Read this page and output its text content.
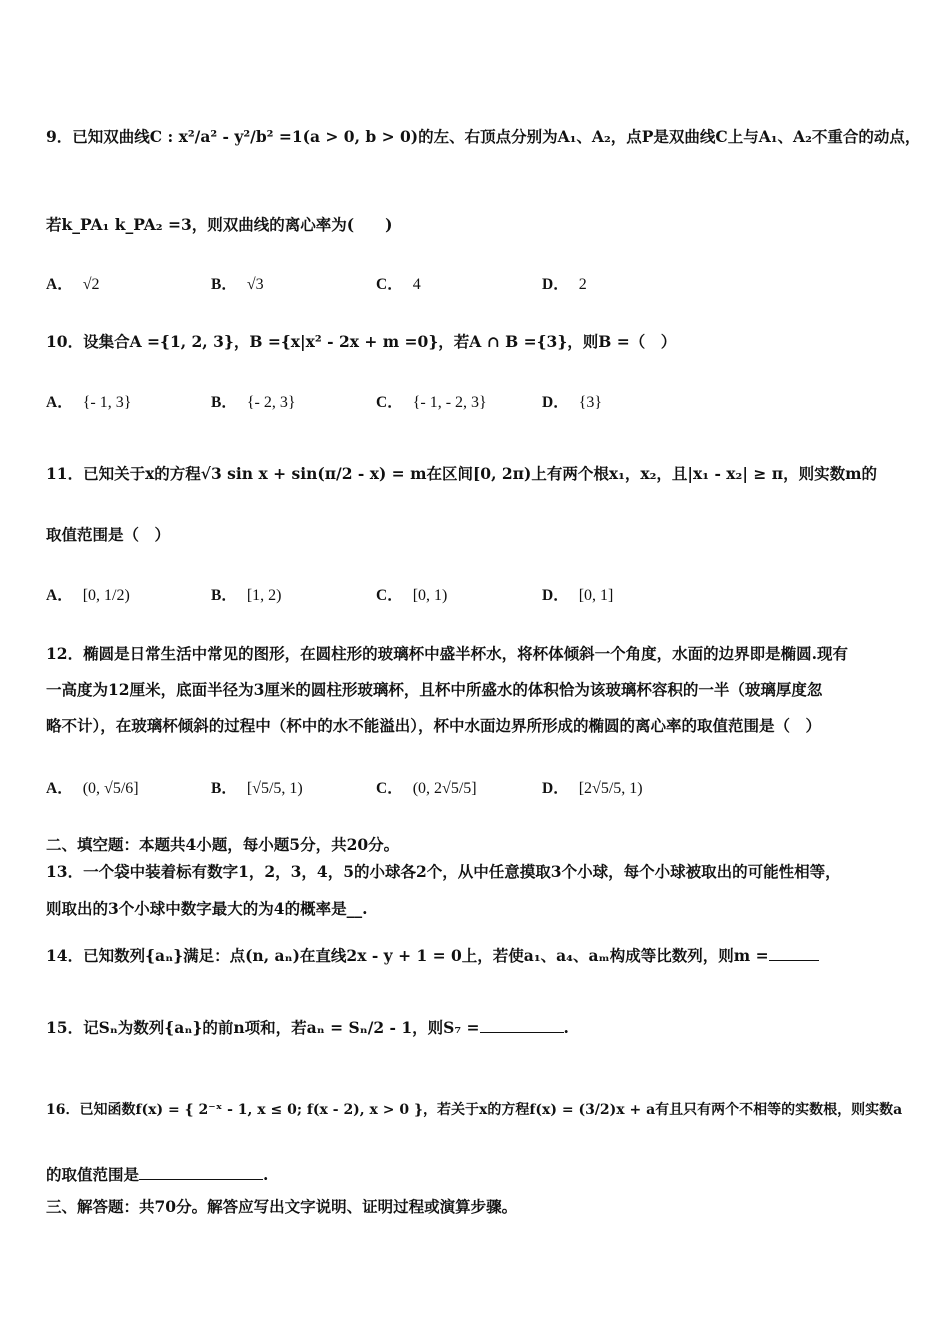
9．已知双曲线C : x²/a² - y²/b² =1(a > 0, b > 0)的左、右顶点分别为A₁、A₂，点P是双曲线C上与A₁、A₂不重合的动点，
若k_PA₁ k_PA₂ =3，则双曲线的离心率为(　　)
A． √2	B． √3	C． 4	D． 2
10．设集合A ={1, 2, 3}，B ={x|x² - 2x + m =0}，若A ∩ B ={3}，则B =（　）
A． {- 1, 3}	B． {- 2, 3}	C． {- 1, - 2, 3}	D． {3}
11．已知关于x的方程√3 sin x + sin(π/2 - x) = m在区间[0, 2π)上有两个根x₁，x₂，且|x₁ - x₂| ≥ π，则实数m的
取值范围是（　）
A． [0, 1/2)	B． [1, 2)	C． [0, 1)	D． [0, 1]
12．椭圆是日常生活中常见的图形，在圆柱形的玻璃杯中盛半杯水，将杯体倾斜一个角度，水面的边界即是椭圆.现有
一高度为12厘米，底面半径为3厘米的圆柱形玻璃杯，且杯中所盛水的体积恰为该玻璃杯容积的一半（玻璃厚度忽
略不计），在玻璃杯倾斜的过程中（杯中的水不能溢出），杯中水面边界所形成的椭圆的离心率的取值范围是（　）
A． (0, √5/6]	B． [√5/5, 1)	C． (0, 2√5/5]	D． [2√5/5, 1)
二、填空题：本题共4小题，每小题5分，共20分。
13．一个袋中装着标有数字1，2，3，4，5的小球各2个，从中任意摸取3个小球，每个小球被取出的可能性相等，
则取出的3个小球中数字最大的为4的概率是__.
14．已知数列{aₙ}满足：点(n, aₙ)在直线2x - y + 1 = 0上，若使a₁、a₄、aₘ构成等比数列，则m =
15．记Sₙ为数列{aₙ}的前n项和，若aₙ = Sₙ/2 - 1，则S₇ =	.
16．已知函数f(x) = { 2⁻ˣ - 1, x ≤ 0; f(x - 2), x > 0 }，若关于x的方程f(x) = (3/2)x + a有且只有两个不相等的实数根，则实数a
的取值范围是	.
三、解答题：共70分。解答应写出文字说明、证明过程或演算步骤。
